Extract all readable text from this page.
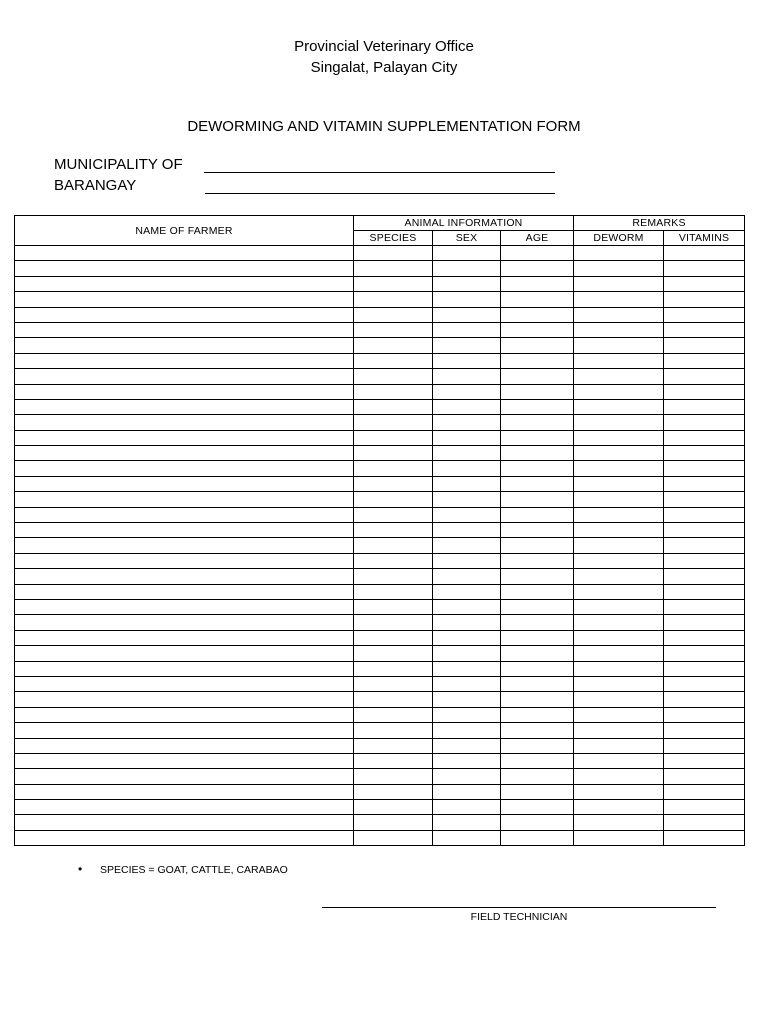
Provincial Veterinary Office
Singalat, Palayan City
DEWORMING AND VITAMIN SUPPLEMENTATION FORM
MUNICIPALITY OF
BARANGAY
NAME OF FARMER	ANIMAL INFORMATION			REMARKS	
	SPECIES	SEX	AGE	DEWORM	VITAMINS

• SPECIES = GOAT, CATTLE, CARABAO
FIELD TECHNICIAN
